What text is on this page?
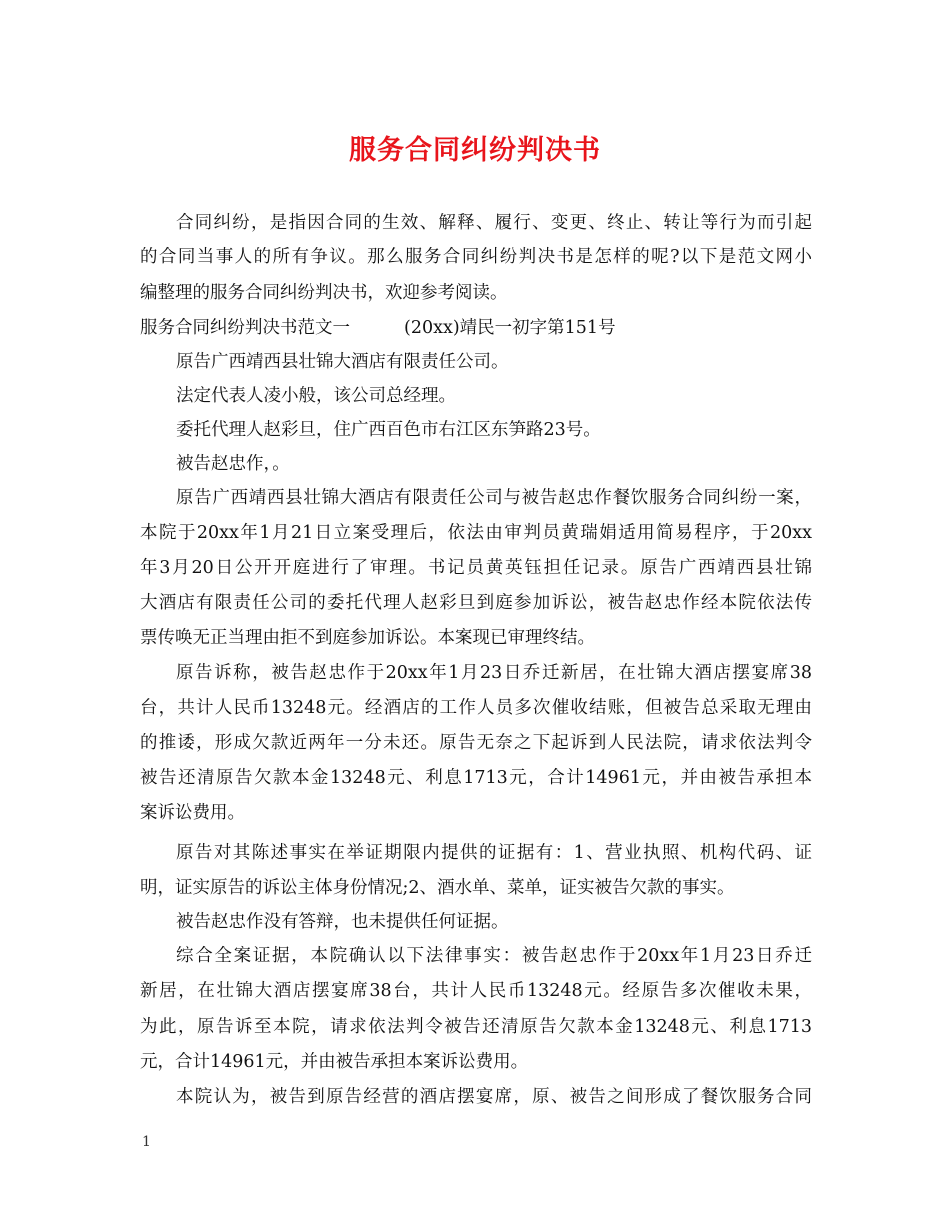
服务合同纠纷判决书
合同纠纷，是指因合同的生效、解释、履行、变更、终止、转让等行为而引起
的合同当事人的所有争议。那么服务合同纠纷判决书是怎样的呢?以下是范文网小
编整理的服务合同纠纷判决书，欢迎参考阅读。
服务合同纠纷判决书范文一	(20xx)靖民一初字第151号
原告广西靖西县壮锦大酒店有限责任公司。
法定代表人凌小般，该公司总经理。
委托代理人赵彩旦，住广西百色市右江区东笋路23号。
被告赵忠作，。
原告广西靖西县壮锦大酒店有限责任公司与被告赵忠作餐饮服务合同纠纷一案，
本院于20xx年1月21日立案受理后，依法由审判员黄瑞娟适用简易程序，于20xx
年3月20日公开开庭进行了审理。书记员黄英钰担任记录。原告广西靖西县壮锦
大酒店有限责任公司的委托代理人赵彩旦到庭参加诉讼，被告赵忠作经本院依法传
票传唤无正当理由拒不到庭参加诉讼。本案现已审理终结。
原告诉称，被告赵忠作于20xx年1月23日乔迁新居，在壮锦大酒店摆宴席38
台，共计人民币13248元。经酒店的工作人员多次催收结账，但被告总采取无理由
的推诿，形成欠款近两年一分未还。原告无奈之下起诉到人民法院，请求依法判令
被告还清原告欠款本金13248元、利息1713元，合计14961元，并由被告承担本
案诉讼费用。
原告对其陈述事实在举证期限内提供的证据有：1、营业执照、机构代码、证
明，证实原告的诉讼主体身份情况;2、酒水单、菜单，证实被告欠款的事实。
被告赵忠作没有答辩，也未提供任何证据。
综合全案证据，本院确认以下法律事实：被告赵忠作于20xx年1月23日乔迁
新居，在壮锦大酒店摆宴席38台，共计人民币13248元。经原告多次催收未果，
为此，原告诉至本院，请求依法判令被告还清原告欠款本金13248元、利息1713
元，合计14961元，并由被告承担本案诉讼费用。
本院认为，被告到原告经营的酒店摆宴席，原、被告之间形成了餐饮服务合同
1
